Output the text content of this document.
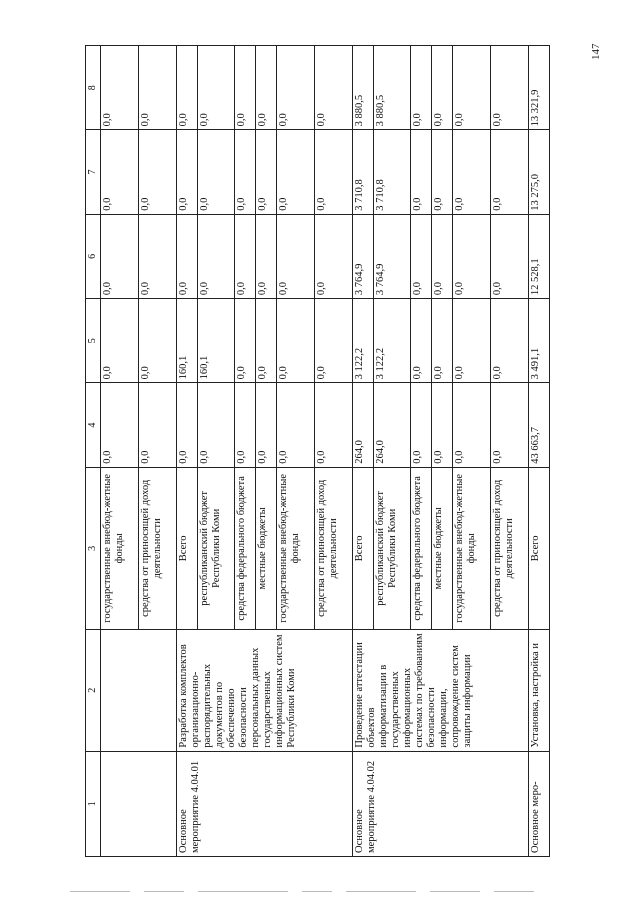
147
1	2	3	4	5	6	7	8
		государственные внебюд-жетные фонды	0,0	0,0	0,0	0,0	0,0
		средства от приносящей доход деятельности	0,0	0,0	0,0	0,0	0,0
Основное мероприятие 4.04.01	Разработка комплектов организационно-распорядительных документов по обеспечению безопасности персональных данных государственных информационных систем Республики Коми	Всего	0,0	160,1	0,0	0,0	0,0
		республиканский бюджет Республики Коми	0,0	160,1	0,0	0,0	0,0
		средства федерального бюджета	0,0	0,0	0,0	0,0	0,0
		местные бюджеты	0,0	0,0	0,0	0,0	0,0
		государственные внебюд-жетные фонды	0,0	0,0	0,0	0,0	0,0
		средства от приносящей доход деятельности	0,0	0,0	0,0	0,0	0,0
Основное мероприятие 4.04.02	Проведение аттестации объектов информатизации в государственных информационных системах по требованиям безопасности информации, сопровождение систем защиты информации	Всего	264,0	3 122,2	3 764,9	3 710,8	3 880,5
		республиканский бюджет Республики Коми	264,0	3 122,2	3 764,9	3 710,8	3 880,5
		средства федерального бюджета	0,0	0,0	0,0	0,0	0,0
		местные бюджеты	0,0	0,0	0,0	0,0	0,0
		государственные внебюд-жетные фонды	0,0	0,0	0,0	0,0	0,0
		средства от приносящей доход деятельности	0,0	0,0	0,0	0,0	0,0
Основное меро-	Установка, настройка и	Всего	43 663,7	3 491,1	12 528,1	13 275,0	13 321,9
